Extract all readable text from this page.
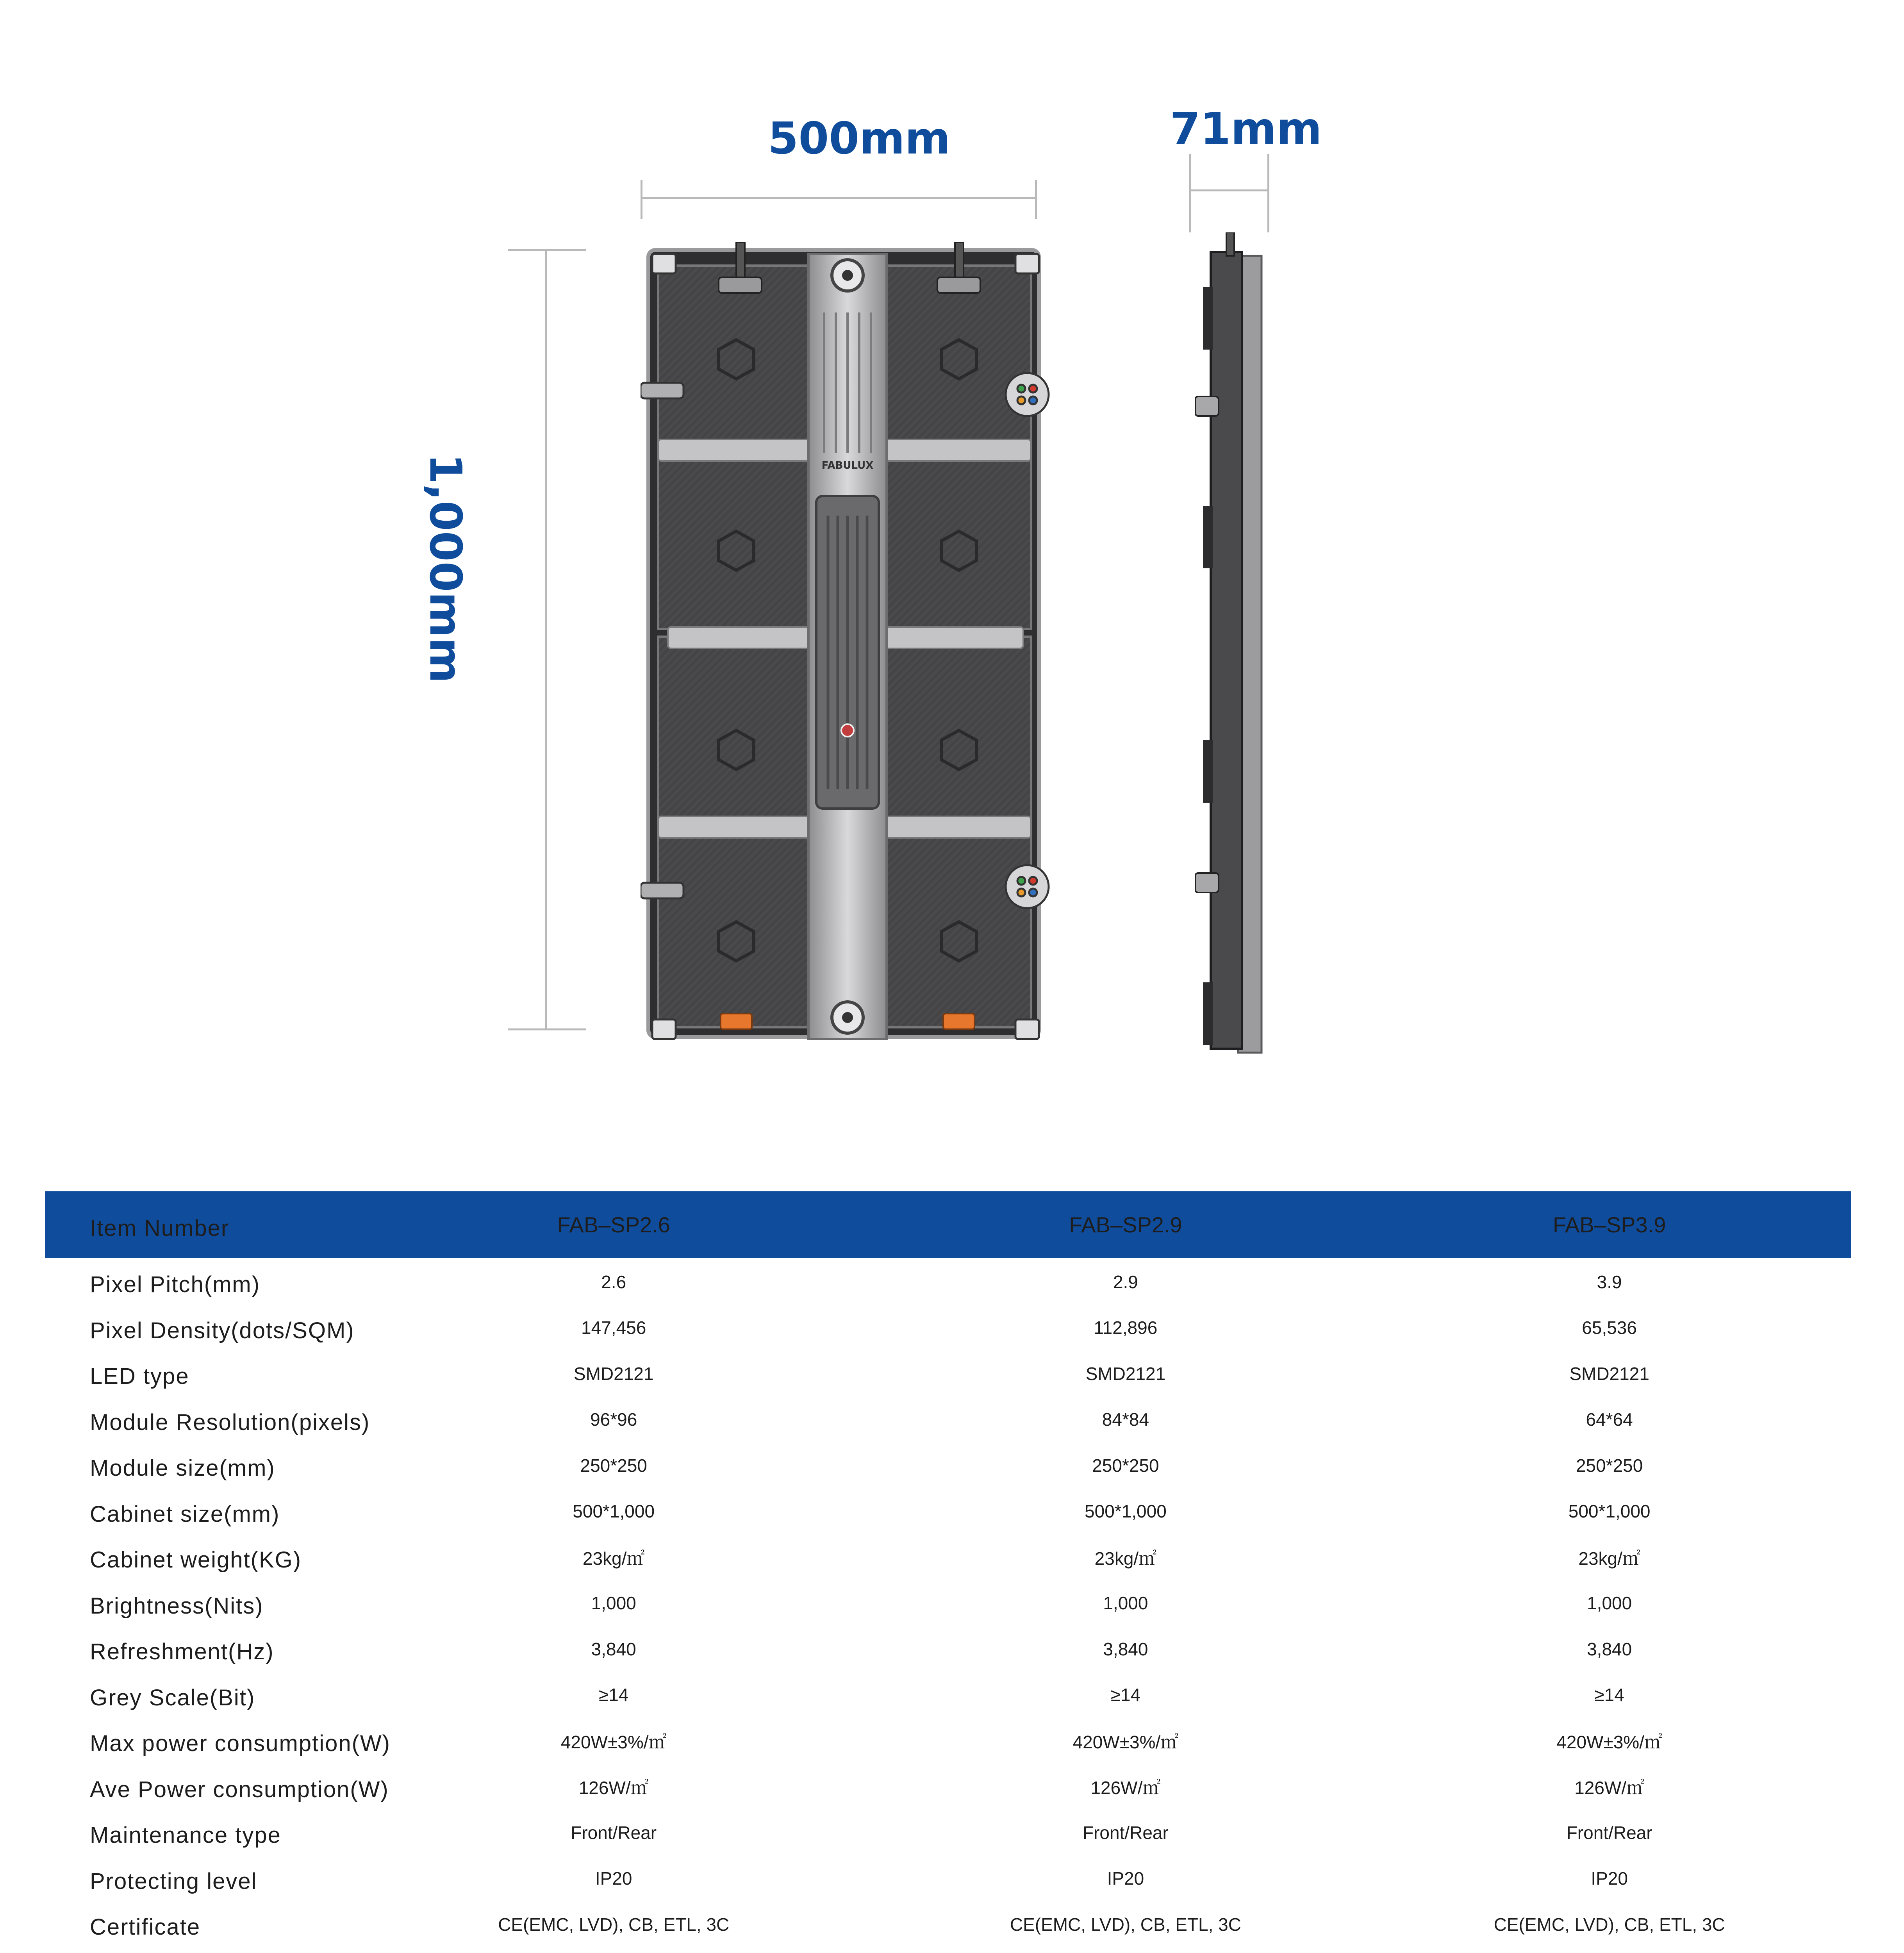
500mm	71mm
1,000mm	FABULUX
Item Number	FAB–SP2.6	FAB–SP2.9	FAB–SP3.9
Pixel Pitch(mm)	2.6	2.9	3.9
Pixel Density(dots/SQM)	147,456	112,896	65,536
LED type	SMD2121	SMD2121	SMD2121
Module Resolution(pixels)	96*96	84*84	64*64
Module size(mm)	250*250	250*250	250*250
Cabinet size(mm)	500*1,000	500*1,000	500*1,000
Cabinet weight(KG)	23kg/㎡	23kg/㎡	23kg/㎡
Brightness(Nits)	1,000	1,000	1,000
Refreshment(Hz)	3,840	3,840	3,840
Grey Scale(Bit)	≥14	≥14	≥14
Max power consumption(W)	420W±3%/㎡	420W±3%/㎡	420W±3%/㎡
Ave Power consumption(W)	126W/㎡	126W/㎡	126W/㎡
Maintenance type	Front/Rear	Front/Rear	Front/Rear
Protecting level	IP20	IP20	IP20
Certificate	CE(EMC, LVD), CB, ETL, 3C	CE(EMC, LVD), CB, ETL, 3C	CE(EMC, LVD), CB, ETL, 3C
